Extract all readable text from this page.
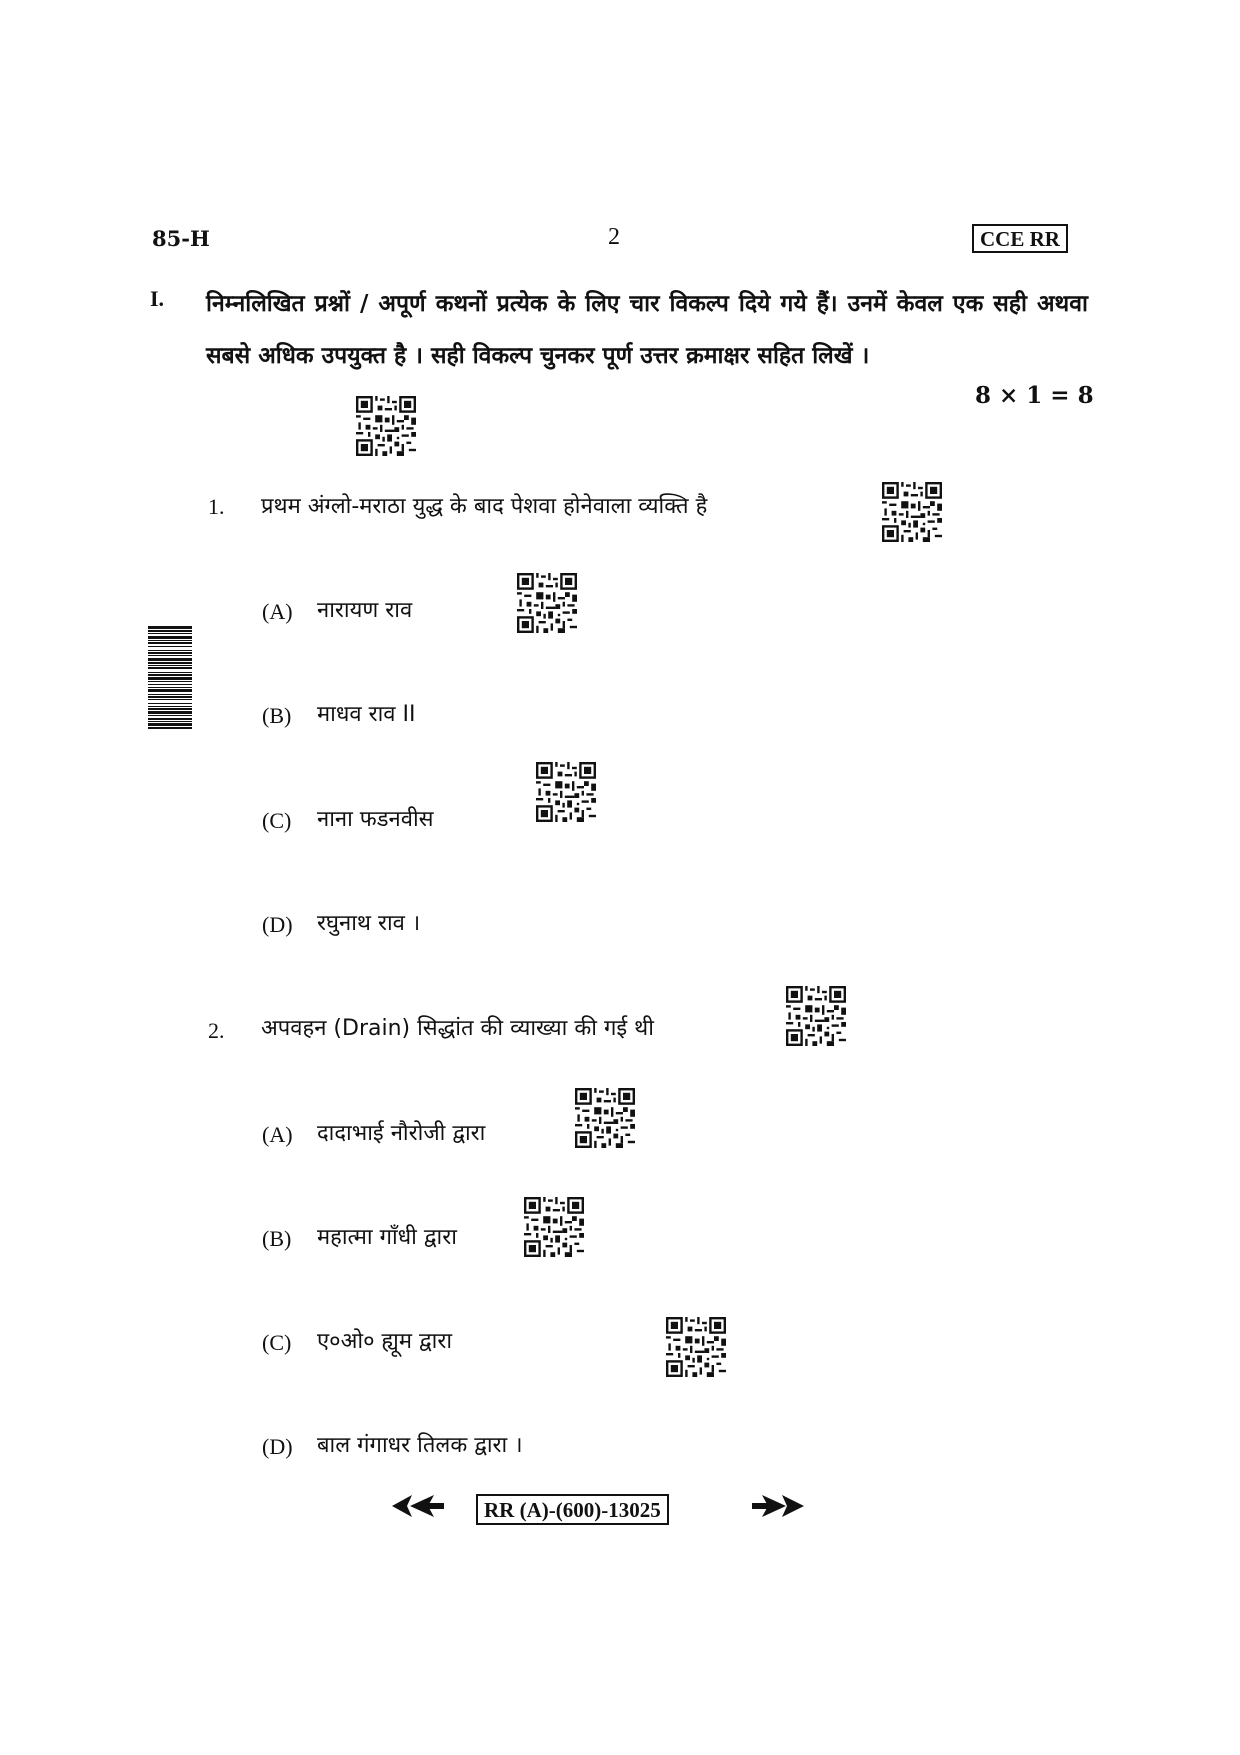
85-H	2	CCE RR
I. निम्नलिखित प्रश्नों / अपूर्ण कथनों प्रत्येक के लिए चार विकल्प दिये गये हैं। उनमें केवल एक सही अथवा सबसे अधिक उपयुक्त है । सही विकल्प चुनकर पूर्ण उत्तर क्रमाक्षर सहित लिखें ।
8 × 1 = 8
1. प्रथम अंग्लो-मराठा युद्ध के बाद पेशवा होनेवाला व्यक्ति है
(A) नारायण राव
(B) माधव राव II
(C) नाना फडनवीस
(D) रघुनाथ राव ।
2. अपवहन (Drain) सिद्धांत की व्याख्या की गई थी
(A) दादाभाई नौरोजी द्वारा
(B) महात्मा गाँधी द्वारा
(C) ए०ओ० ह्यूम द्वारा
(D) बाल गंगाधर तिलक द्वारा ।
RR (A)-(600)-13025
